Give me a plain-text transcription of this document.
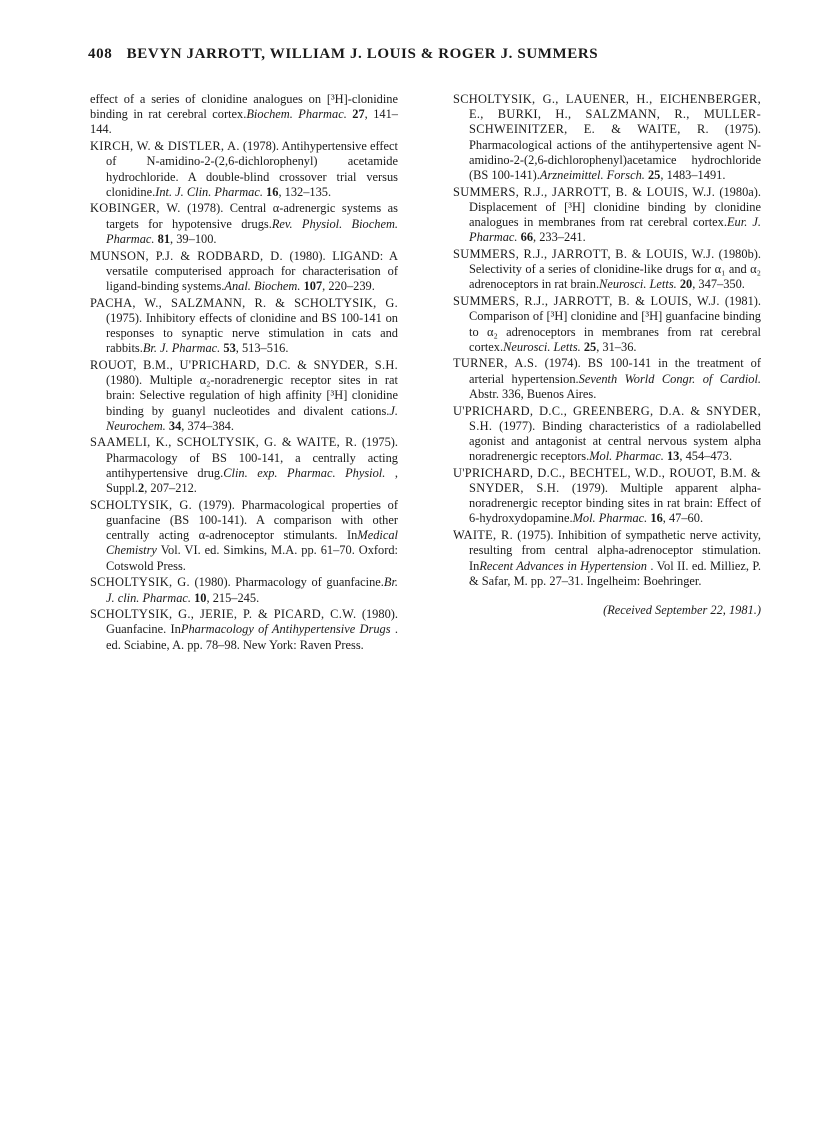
408 BEVYN JARROTT, WILLIAM J. LOUIS & ROGER J. SUMMERS

effect of a series of clonidine analogues on [³H]-clonidine binding in rat cerebral cortex.Biochem. Pharmac. 27, 141–144.

KIRCH, W. & DISTLER, A. (1978). Antihypertensive effect of N-amidino-2-(2,6-dichlorophenyl) acetamide hydrochloride. A double-blind crossover trial versus clonidine.Int. J. Clin. Pharmac. 16, 132–135.

KOBINGER, W. (1978). Central α-adrenergic systems as targets for hypotensive drugs.Rev. Physiol. Biochem. Pharmac. 81, 39–100.

MUNSON, P.J. & RODBARD, D. (1980). LIGAND: A versatile computerised approach for characterisation of ligand-binding systems.Anal. Biochem. 107, 220–239.

PACHA, W., SALZMANN, R. & SCHOLTYSIK, G. (1975). Inhibitory effects of clonidine and BS 100-141 on responses to synaptic nerve stimulation in cats and rabbits.Br. J. Pharmac. 53, 513–516.

ROUOT, B.M., U'PRICHARD, D.C. & SNYDER, S.H. (1980). Multiple α₂-noradrenergic receptor sites in rat brain: Selective regulation of high affinity [³H] clonidine binding by guanyl nucleotides and divalent cations.J. Neurochem. 34, 374–384.

SAAMELI, K., SCHOLTYSIK, G. & WAITE, R. (1975). Pharmacology of BS 100-141, a centrally acting antihypertensive drug.Clin. exp. Pharmac. Physiol. , Suppl.2, 207–212.

SCHOLTYSIK, G. (1979). Pharmacological properties of guanfacine (BS 100-141). A comparison with other centrally acting α-adrenoceptor stimulants. InMedical Chemistry Vol. VI. ed. Simkins, M.A. pp. 61–70. Oxford: Cotswold Press.

SCHOLTYSIK, G. (1980). Pharmacology of guanfacine.Br. J. clin. Pharmac. 10, 215–245.

SCHOLTYSIK, G., JERIE, P. & PICARD, C.W. (1980). Guanfacine. InPharmacology of Antihypertensive Drugs . ed. Sciabine, A. pp. 78–98. New York: Raven Press.

SCHOLTYSIK, G., LAUENER, H., EICHENBERGER, E., BURKI, H., SALZMANN, R., MULLER-SCHWEINITZER, E. & WAITE, R. (1975). Pharmacological actions of the antihypertensive agent N-amidino-2-(2,6-dichlorophenyl)acetamice hydrochloride (BS 100-141).Arzneimittel. Forsch. 25, 1483–1491.

SUMMERS, R.J., JARROTT, B. & LOUIS, W.J. (1980a). Displacement of [³H] clonidine binding by clonidine analogues in membranes from rat cerebral cortex.Eur. J. Pharmac. 66, 233–241.

SUMMERS, R.J., JARROTT, B. & LOUIS, W.J. (1980b). Selectivity of a series of clonidine-like drugs for α₁ and α₂ adrenoceptors in rat brain.Neurosci. Letts. 20, 347–350.

SUMMERS, R.J., JARROTT, B. & LOUIS, W.J. (1981). Comparison of [³H] clonidine and [³H] guanfacine binding to α₂ adrenoceptors in membranes from rat cerebral cortex.Neurosci. Letts. 25, 31–36.

TURNER, A.S. (1974). BS 100-141 in the treatment of arterial hypertension.Seventh World Congr. of Cardiol. Abstr. 336, Buenos Aires.

U'PRICHARD, D.C., GREENBERG, D.A. & SNYDER, S.H. (1977). Binding characteristics of a radiolabelled agonist and antagonist at central nervous system alpha noradrenergic receptors.Mol. Pharmac. 13, 454–473.

U'PRICHARD, D.C., BECHTEL, W.D., ROUOT, B.M. & SNYDER, S.H. (1979). Multiple apparent alpha-noradrenergic receptor binding sites in rat brain: Effect of 6-hydroxydopamine.Mol. Pharmac. 16, 47–60.

WAITE, R. (1975). Inhibition of sympathetic nerve activity, resulting from central alpha-adrenoceptor stimulation. InRecent Advances in Hypertension . Vol II. ed. Milliez, P. & Safar, M. pp. 27–31. Ingelheim: Boehringer.

(Received September 22, 1981.)
